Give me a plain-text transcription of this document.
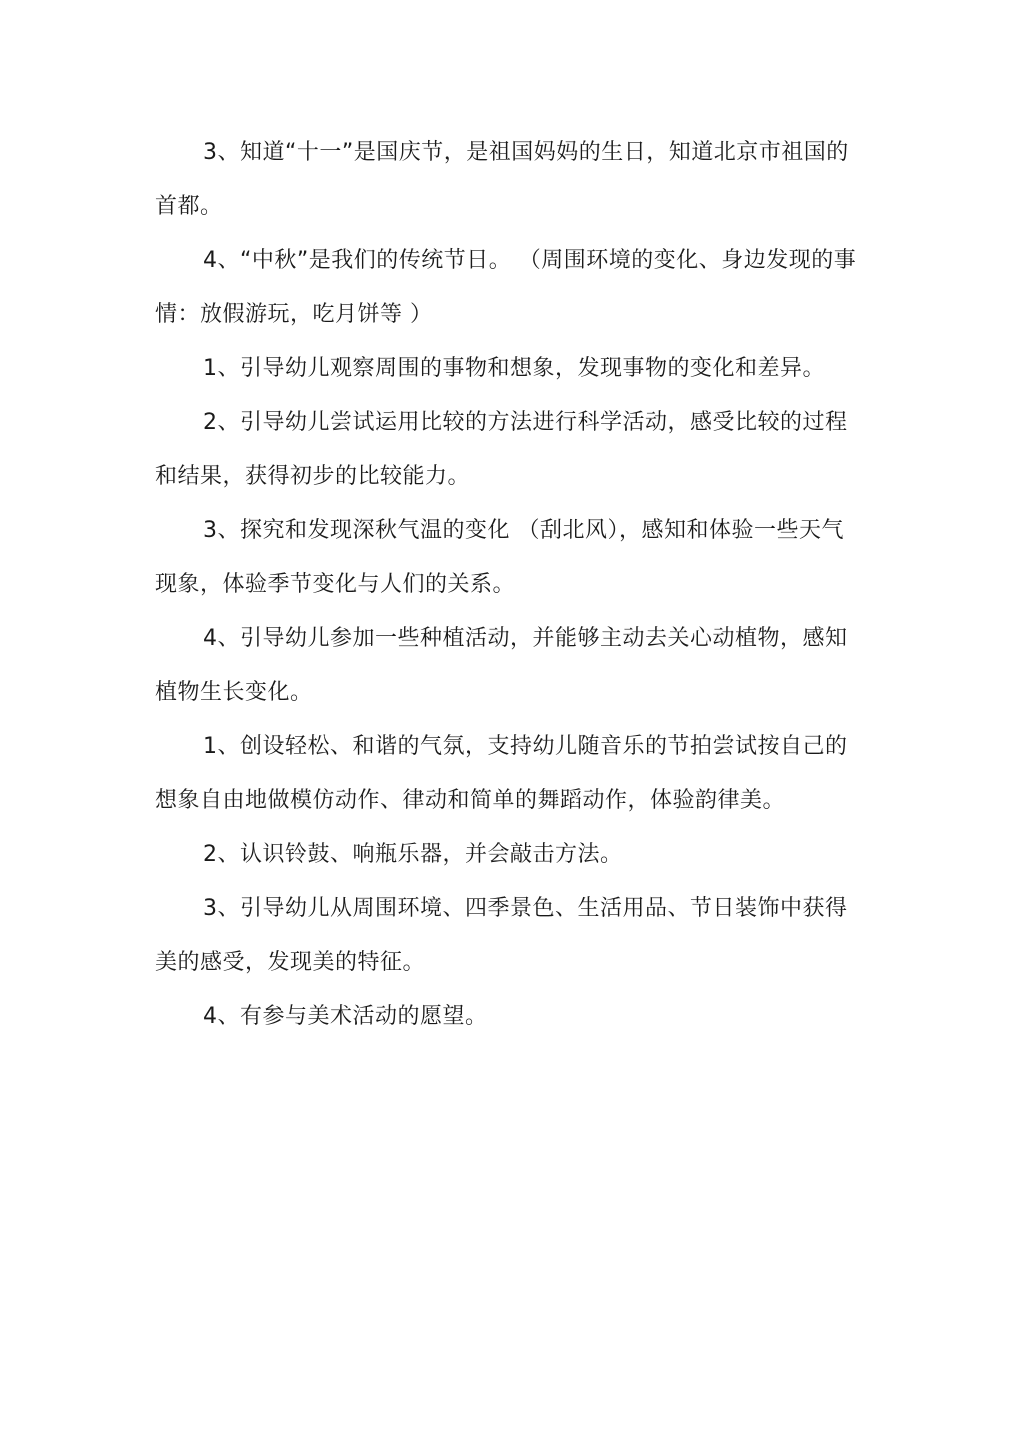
3、知道“十一”是国庆节，是祖国妈妈的生日，知道北京市祖国的首都。

4、“中秋”是我们的传统节日。 （周围环境的变化、身边发现的事情：放假游玩，吃月饼等 ）

1、引导幼儿观察周围的事物和想象，发现事物的变化和差异。

2、引导幼儿尝试运用比较的方法进行科学活动，感受比较的过程和结果，获得初步的比较能力。

3、探究和发现深秋气温的变化 （刮北风），感知和体验一些天气现象，体验季节变化与人们的关系。

4、引导幼儿参加一些种植活动，并能够主动去关心动植物，感知植物生长变化。

1、创设轻松、和谐的气氛，支持幼儿随音乐的节拍尝试按自己的想象自由地做模仿动作、律动和简单的舞蹈动作，体验韵律美。

2、认识铃鼓、响瓶乐器，并会敲击方法。

3、引导幼儿从周围环境、四季景色、生活用品、节日装饰中获得美的感受，发现美的特征。

4、有参与美术活动的愿望。
